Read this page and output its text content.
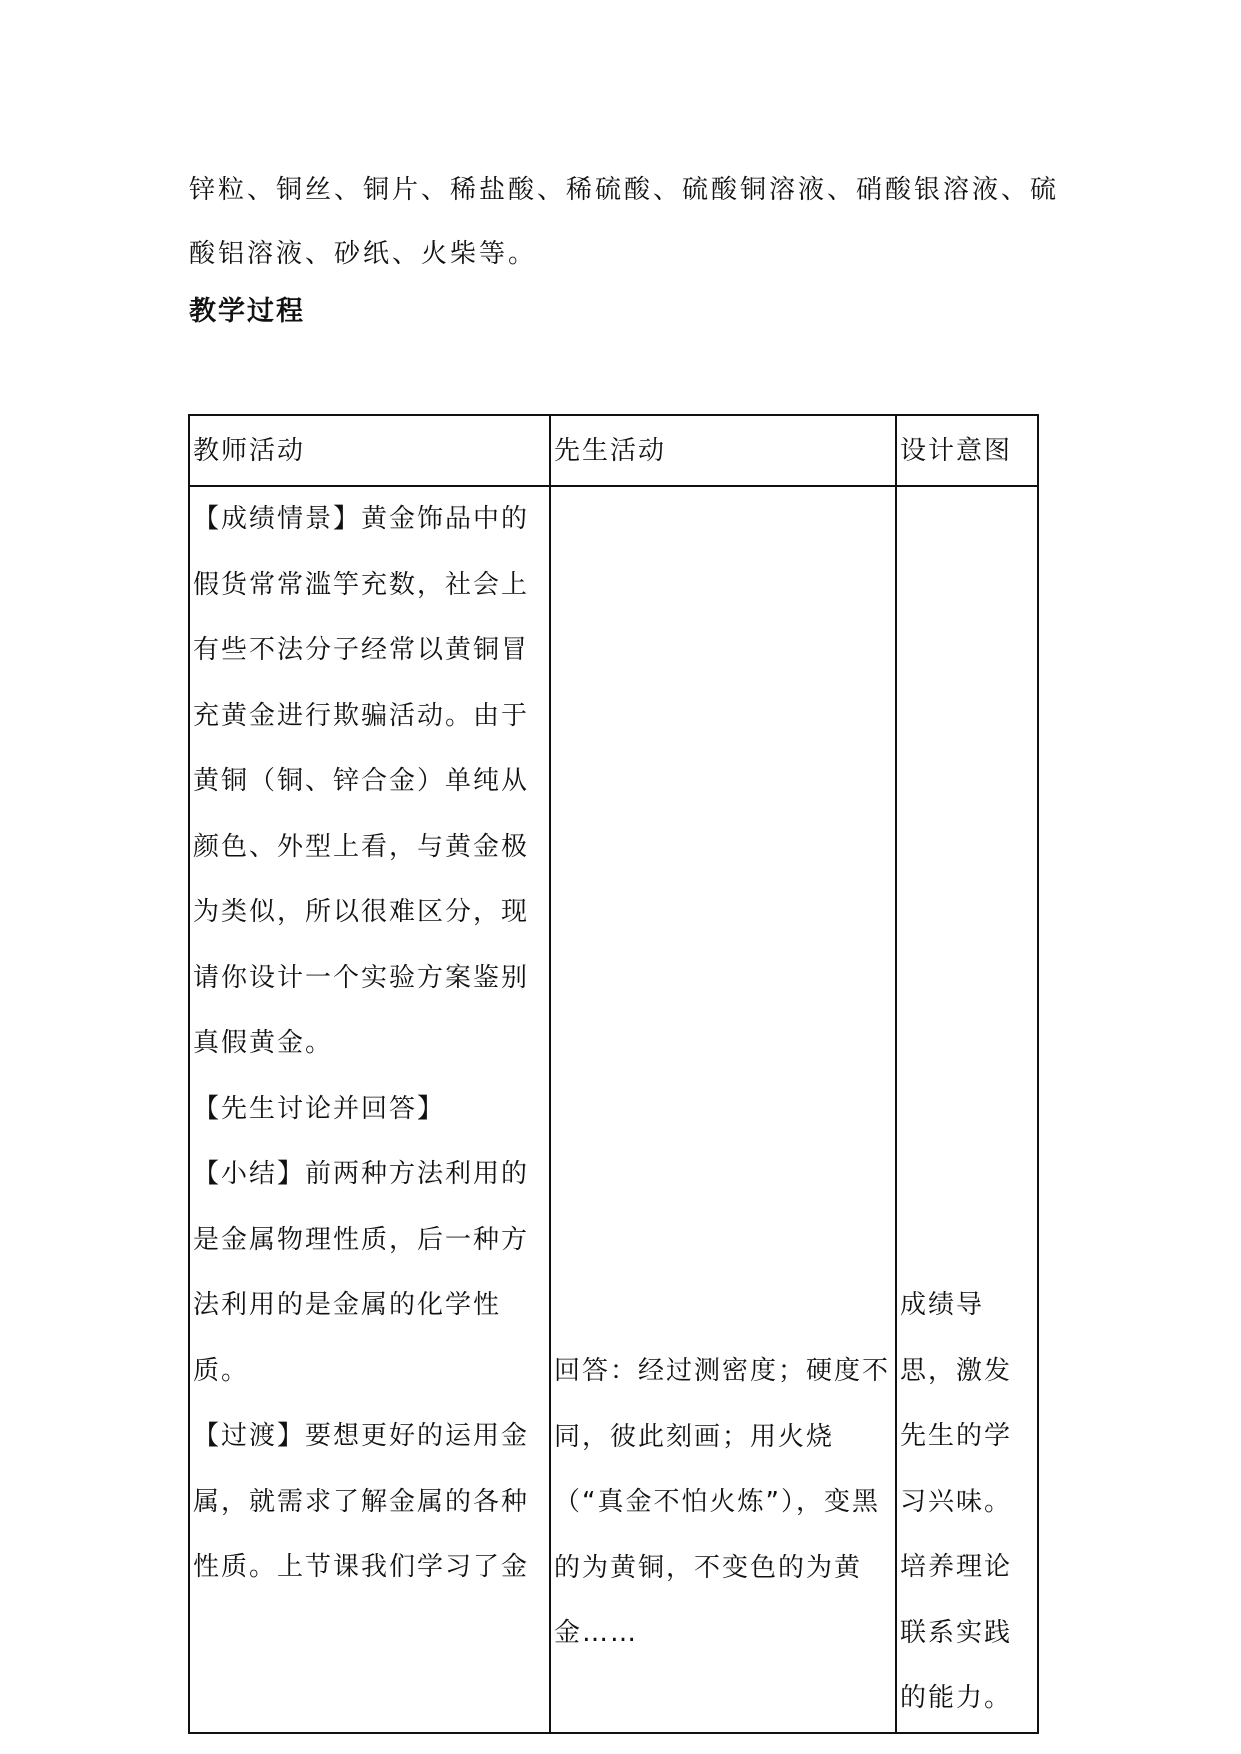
锌粒、铜丝、铜片、稀盐酸、稀硫酸、硫酸铜溶液、硝酸银溶液、硫酸铝溶液、砂纸、火柴等。
教学过程
教师活动	先生活动	设计意图

【成绩情景】黄金饰品中的假货常常滥竽充数，社会上有些不法分子经常以黄铜冒充黄金进行欺骗活动。由于黄铜（铜、锌合金）单纯从颜色、外型上看，与黄金极为类似，所以很难区分，现请你设计一个实验方案鉴别真假黄金。

【先生讨论并回答】

【小结】前两种方法利用的是金属物理性质，后一种方法利用的是金属的化学性质。

【过渡】要想更好的运用金属，就需求了解金属的各种性质。上节课我们学习了金	回答：经过测密度；硬度不同，彼此刻画；用火烧（“真金不怕火炼”），变黑的为黄铜，不变色的为黄金……	成绩导思，激发先生的学习兴味。培养理论联系实践的能力。
